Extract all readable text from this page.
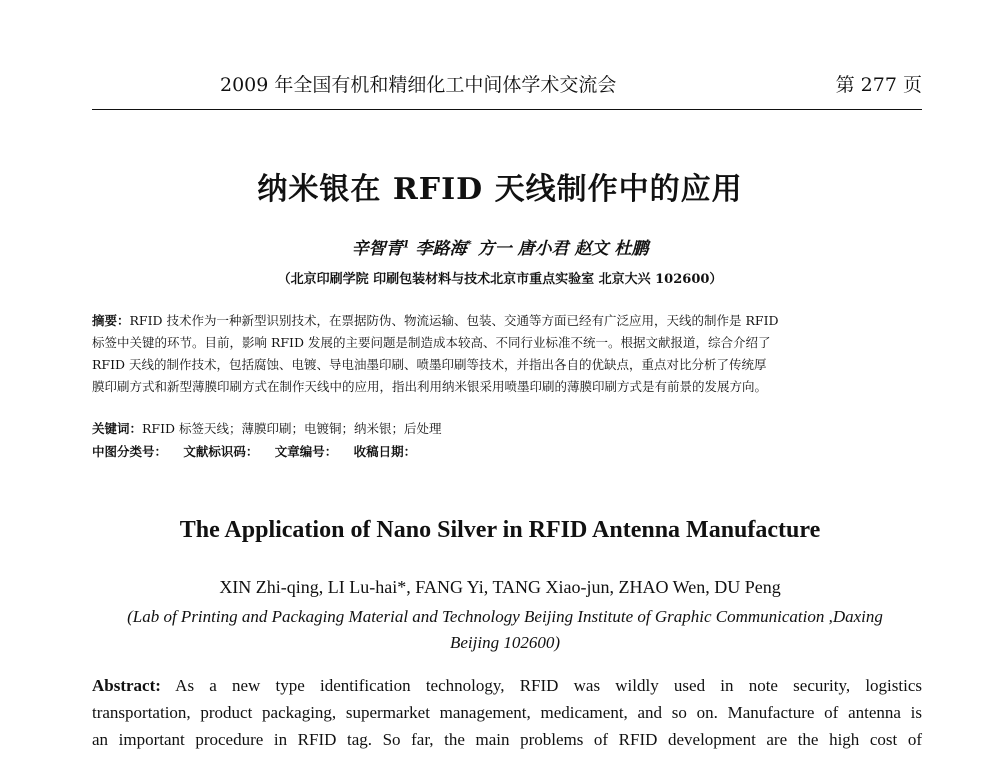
2009 年全国有机和精细化工中间体学术交流会	第 277 页
纳米银在 RFID 天线制作中的应用
辛智青$^1$ 李路海* 方一 唐小君 赵文 杜鹏
（北京印刷学院 印刷包装材料与技术北京市重点实验室 北京大兴 102600）
摘要：RFID 技术作为一种新型识别技术，在票据防伪、物流运输、包装、交通等方面已经有广泛应用，天线的制作是 RFID
标签中关键的环节。目前，影响 RFID 发展的主要问题是制造成本较高、不同行业标准不统一。根据文献报道，综合介绍了
RFID 天线的制作技术，包括腐蚀、电镀、导电油墨印刷、喷墨印刷等技术，并指出各自的优缺点，重点对比分析了传统厚
膜印刷方式和新型薄膜印刷方式在制作天线中的应用，指出利用纳米银采用喷墨印刷的薄膜印刷方式是有前景的发展方向。
关键词：RFID 标签天线；薄膜印刷；电镀铜；纳米银；后处理
中图分类号： 文献标识码： 文章编号： 收稿日期：
The Application of Nano Silver in RFID Antenna Manufacture
XIN Zhi-qing, LI Lu-hai*, FANG Yi, TANG Xiao-jun, ZHAO Wen, DU Peng
(Lab of Printing and Packaging Material and Technology Beijing Institute of Graphic Communication ,Daxing
Beijing 102600)
Abstract: As a new type identification technology, RFID was wildly used in note security, logistics
transportation, product packaging, supermarket management, medicament, and so on. Manufacture of antenna is
an important procedure in RFID tag. So far, the main problems of RFID development are the high cost of
